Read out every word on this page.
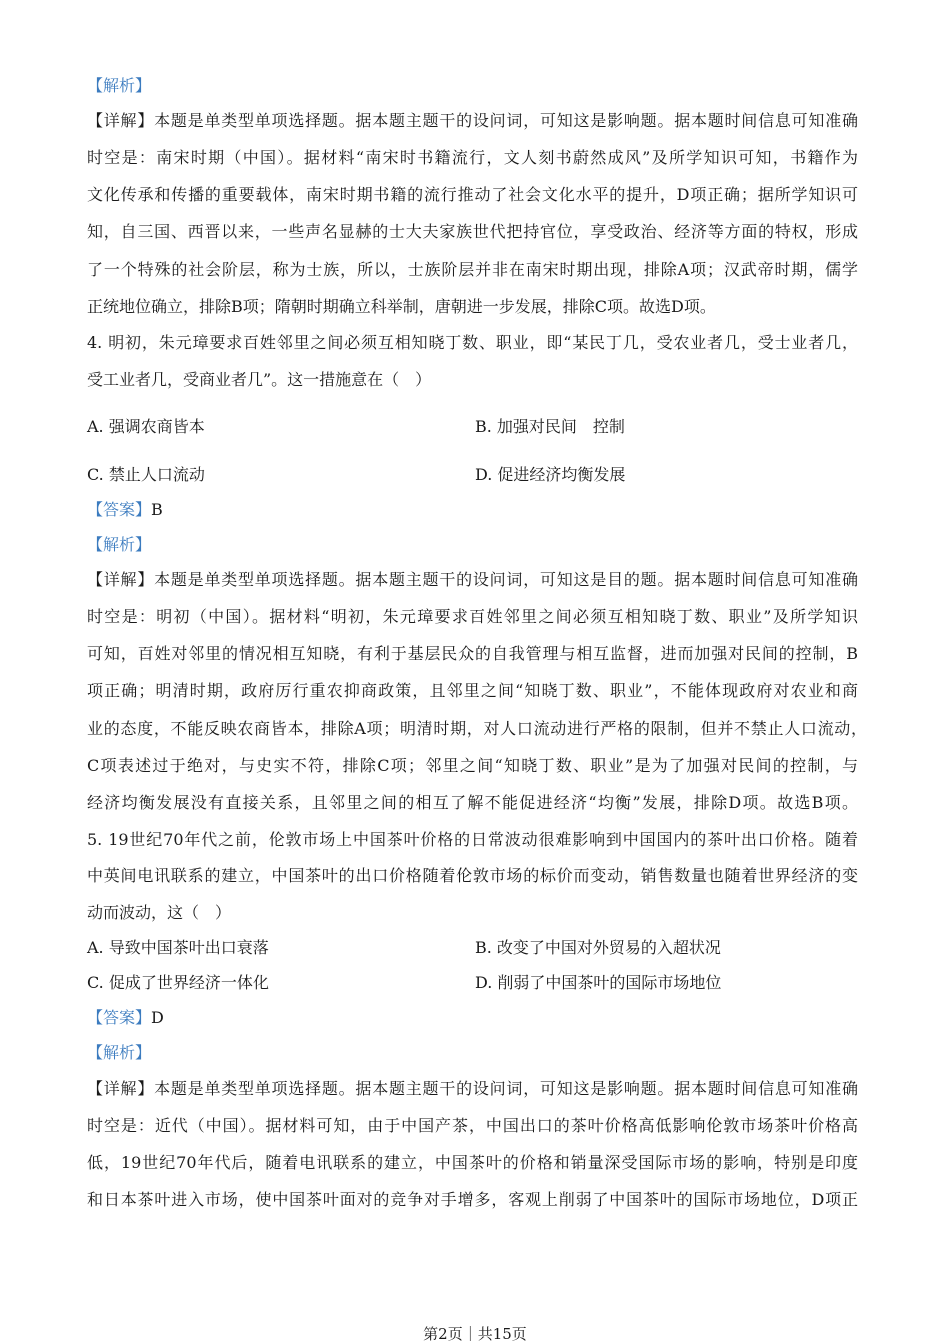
【解析】
【详解】本题是单类型单项选择题。据本题主题干的设问词，可知这是影响题。据本题时间信息可知准确
时空是：南宋时期（中国）。据材料“南宋时书籍流行，文人刻书蔚然成风”及所学知识可知，书籍作为
文化传承和传播的重要载体，南宋时期书籍的流行推动了社会文化水平的提升，D项正确；据所学知识可
知，自三国、西晋以来，一些声名显赫的士大夫家族世代把持官位，享受政治、经济等方面的特权，形成
了一个特殊的社会阶层，称为士族，所以，士族阶层并非在南宋时期出现，排除A项；汉武帝时期，儒学
正统地位确立，排除B项；隋朝时期确立科举制，唐朝进一步发展，排除C项。故选D项。
4. 明初，朱元璋要求百姓邻里之间必须互相知晓丁数、职业，即“某民丁几，受农业者几，受士业者几，
受工业者几，受商业者几”。这一措施意在（　）
A. 强调农商皆本	B. 加强对民间　控制
C. 禁止人口流动	D. 促进经济均衡发展
【答案】B
【解析】
【详解】本题是单类型单项选择题。据本题主题干的设问词，可知这是目的题。据本题时间信息可知准确
时空是：明初（中国）。据材料“明初，朱元璋要求百姓邻里之间必须互相知晓丁数、职业”及所学知识
可知，百姓对邻里的情况相互知晓，有利于基层民众的自我管理与相互监督，进而加强对民间的控制，B
项正确；明清时期，政府厉行重农抑商政策，且邻里之间“知晓丁数、职业”，不能体现政府对农业和商
业的态度，不能反映农商皆本，排除A项；明清时期，对人口流动进行严格的限制，但并不禁止人口流动，
C项表述过于绝对，与史实不符，排除C项；邻里之间“知晓丁数、职业”是为了加强对民间的控制，与
经济均衡发展没有直接关系，且邻里之间的相互了解不能促进经济“均衡”发展，排除D项。故选B项。
5. 19世纪70年代之前，伦敦市场上中国茶叶价格的日常波动很难影响到中国国内的茶叶出口价格。随着
中英间电讯联系的建立，中国茶叶的出口价格随着伦敦市场的标价而变动，销售数量也随着世界经济的变
动而波动，这（　）
A. 导致中国茶叶出口衰落	B. 改变了中国对外贸易的入超状况
C. 促成了世界经济一体化	D. 削弱了中国茶叶的国际市场地位
【答案】D
【解析】
【详解】本题是单类型单项选择题。据本题主题干的设问词，可知这是影响题。据本题时间信息可知准确
时空是：近代（中国）。据材料可知，由于中国产茶，中国出口的茶叶价格高低影响伦敦市场茶叶价格高
低，19世纪70年代后，随着电讯联系的建立，中国茶叶的价格和销量深受国际市场的影响，特别是印度
和日本茶叶进入市场，使中国茶叶面对的竞争对手增多，客观上削弱了中国茶叶的国际市场地位，D项正
第2页｜共15页
